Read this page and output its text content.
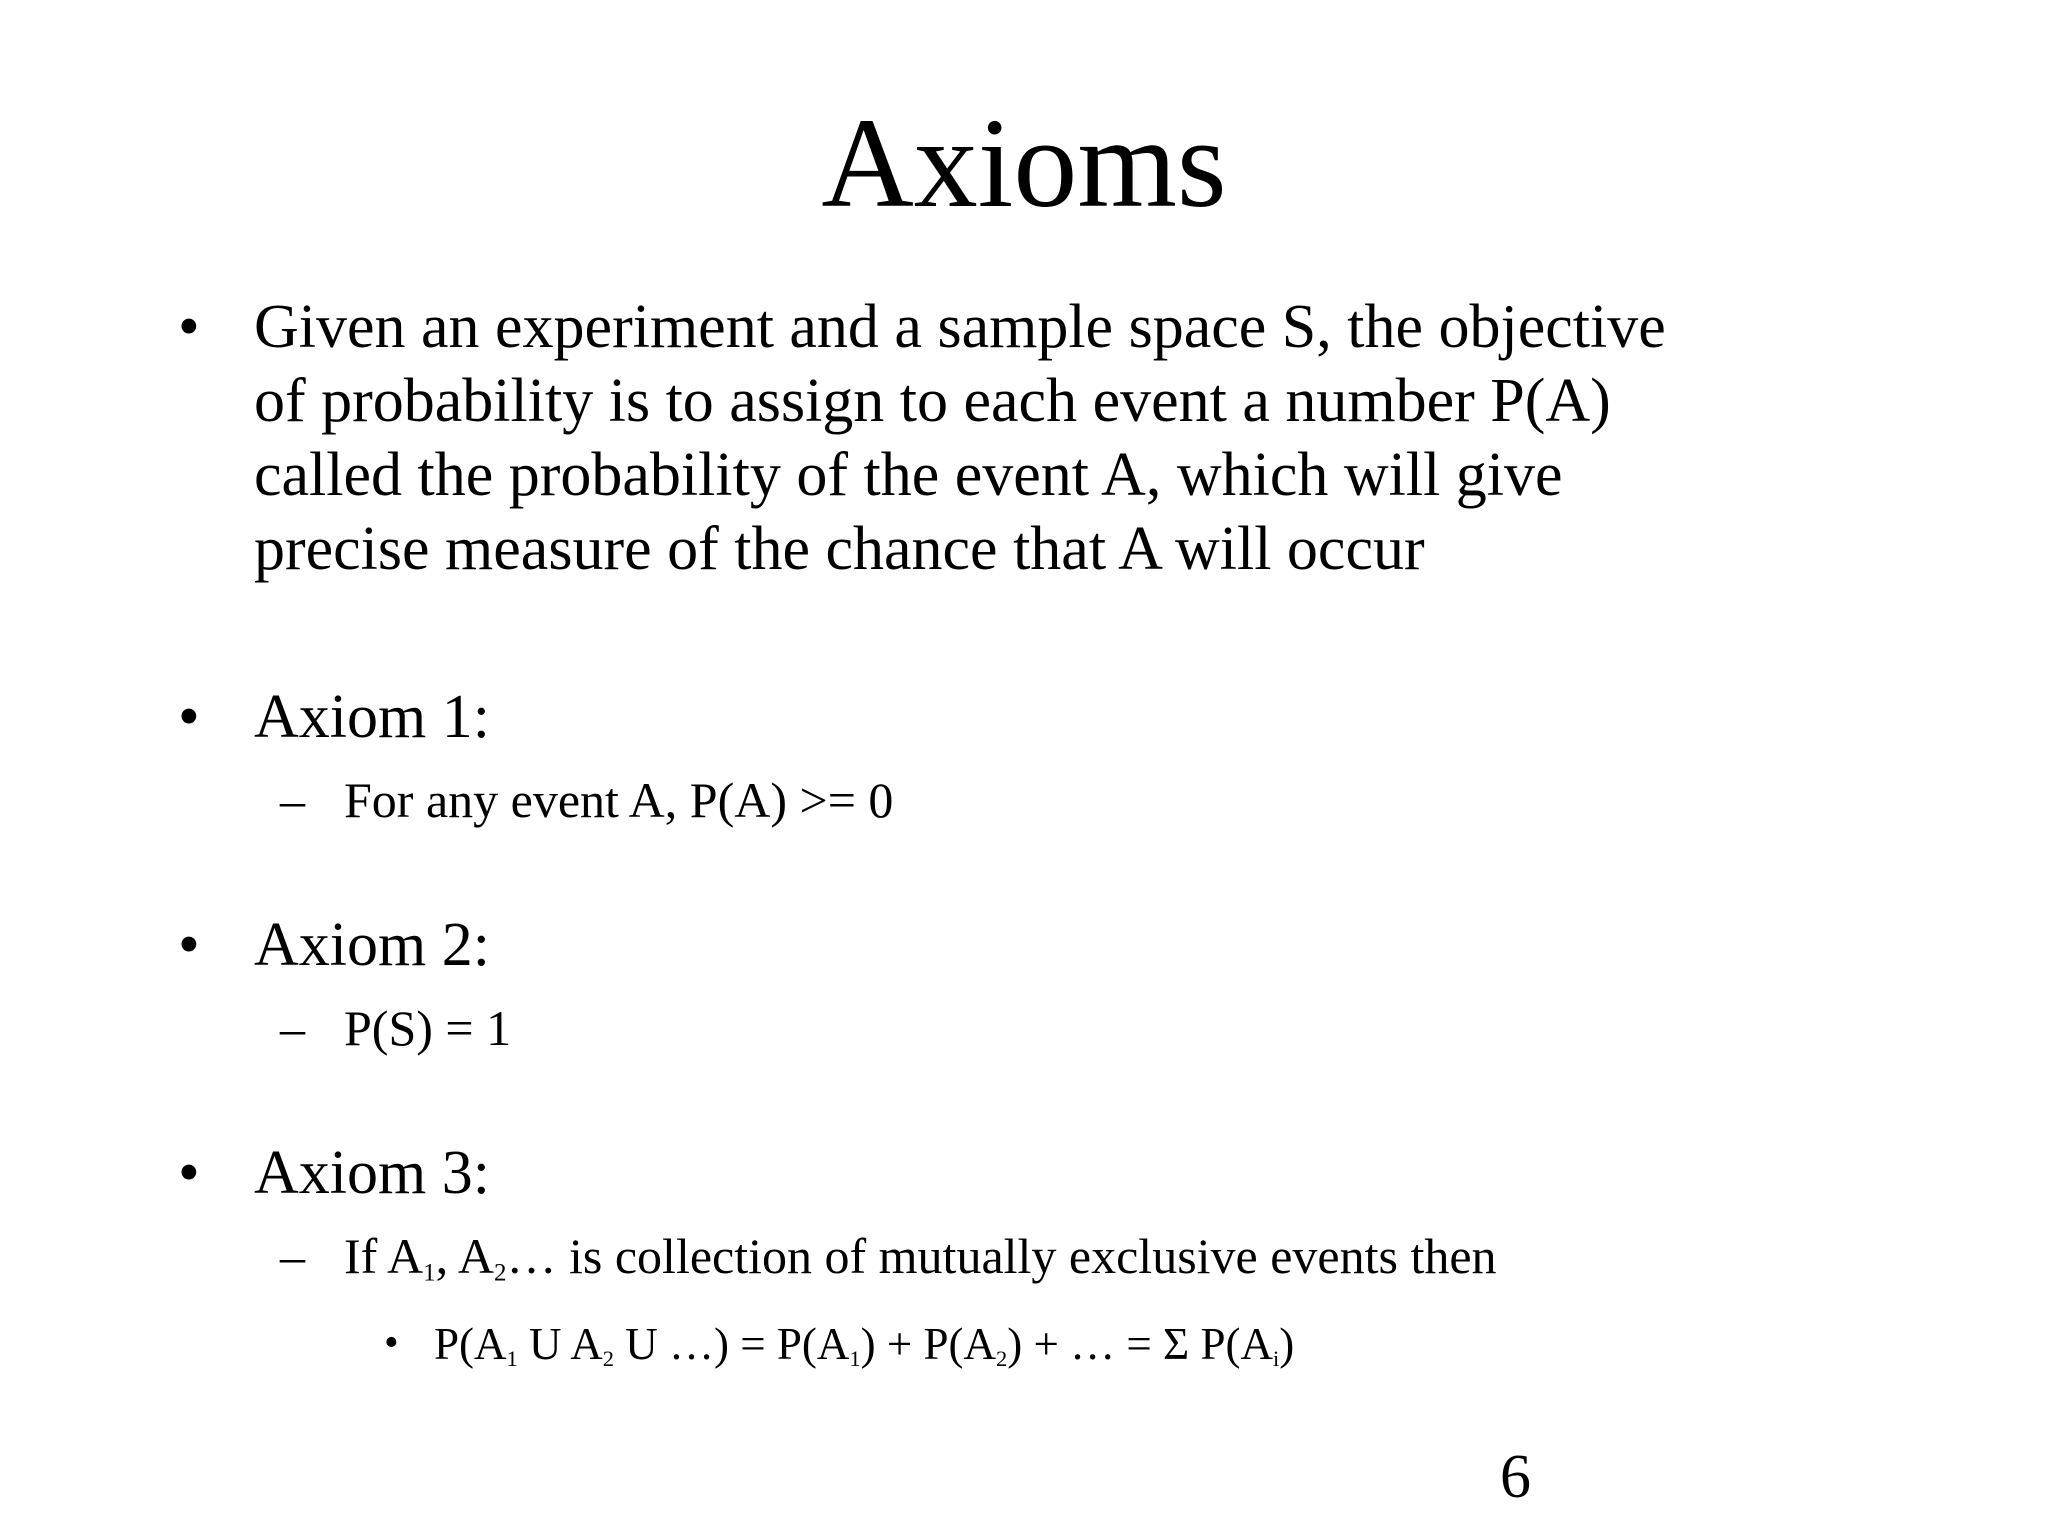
Axioms
• Given an experiment and a sample space S, the objective
of probability is to assign to each event a number P(A)
called the probability of the event A, which will give
precise measure of the chance that A will occur
• Axiom 1:
– For any event A, P(A) >= 0
• Axiom 2:
– P(S) = 1
• Axiom 3:
– If A1, A2… is collection of mutually exclusive events then
• P(A1 U A2 U …) = P(A1) + P(A2) + … = Σ P(Ai)
6
